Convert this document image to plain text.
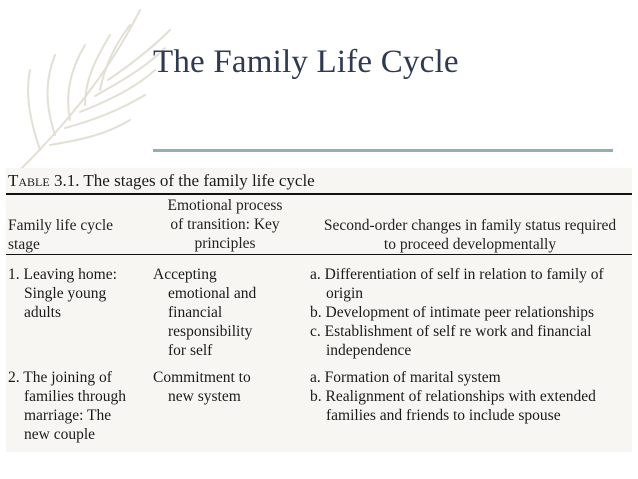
The Family Life Cycle
Table 3.1. The stages of the family life cycle
Family life cycle
stage
Emotional process
of transition: Key
principles
Second-order changes in family status required
to proceed developmentally
1. Leaving home:
Single young
adults
Accepting
emotional and
financial
responsibility
for self
a. Differentiation of self in relation to family of
origin
b. Development of intimate peer relationships
c. Establishment of self re work and financial
independence
2. The joining of
families through
marriage: The
new couple
Commitment to
new system
a. Formation of marital system
b. Realignment of relationships with extended
families and friends to include spouse
